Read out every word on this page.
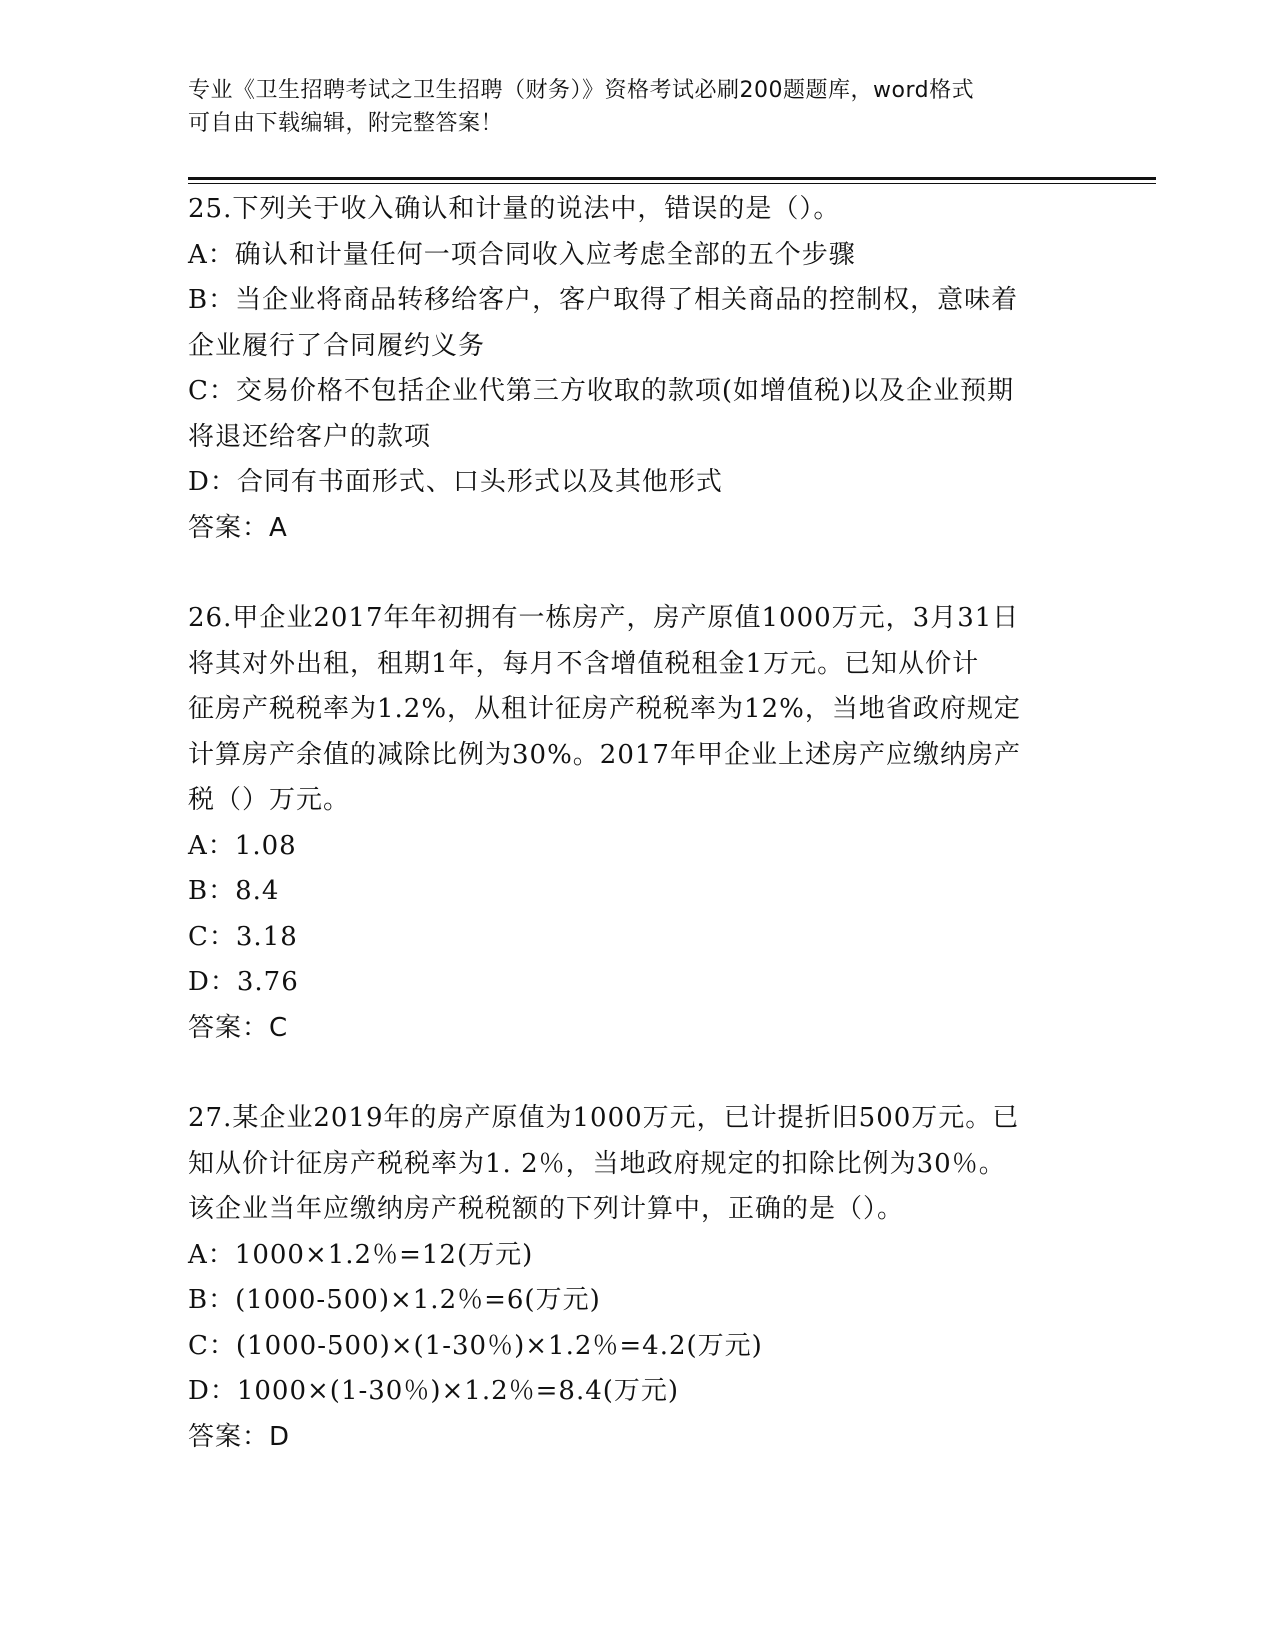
专业《卫生招聘考试之卫生招聘（财务）》资格考试必刷200题题库，word格式
可自由下载编辑，附完整答案！
25.下列关于收入确认和计量的说法中，错误的是（）。
A：确认和计量任何一项合同收入应考虑全部的五个步骤
B：当企业将商品转移给客户，客户取得了相关商品的控制权，意味着
企业履行了合同履约义务
C：交易价格不包括企业代第三方收取的款项(如增值税)以及企业预期
将退还给客户的款项
D：合同有书面形式、口头形式以及其他形式
答案：A
26.甲企业2017年年初拥有一栋房产，房产原值1000万元，3月31日
将其对外出租，租期1年，每月不含增值税租金1万元。已知从价计
征房产税税率为1.2%，从租计征房产税税率为12%，当地省政府规定
计算房产余值的减除比例为30%。2017年甲企业上述房产应缴纳房产
税（）万元。
A：1.08
B：8.4
C：3.18
D：3.76
答案：C
27.某企业2019年的房产原值为1000万元，已计提折旧500万元。已
知从价计征房产税税率为1. 2％，当地政府规定的扣除比例为30％。
该企业当年应缴纳房产税税额的下列计算中，正确的是（）。
A：1000×1.2％=12(万元)
B：(1000-500)×1.2％=6(万元)
C：(1000-500)×(1-30％)×1.2％=4.2(万元)
D：1000×(1-30％)×1.2％=8.4(万元)
答案：D
